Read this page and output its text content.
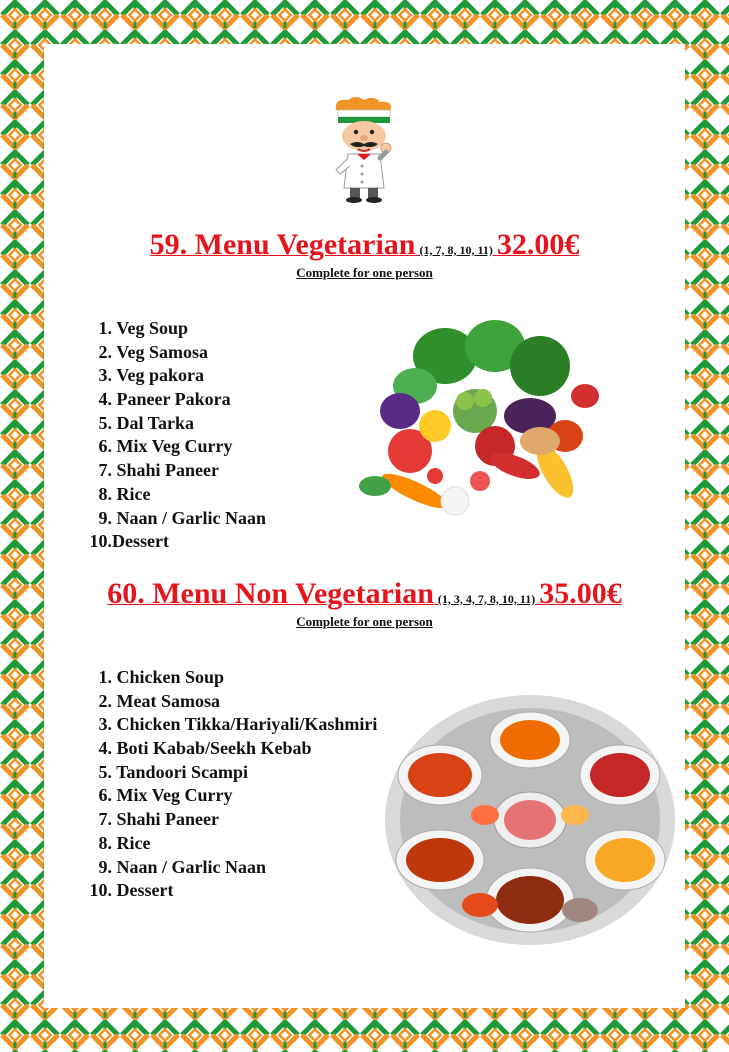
59. Menu Vegetarian (1, 7, 8, 10, 11) 32.00€
Complete for one person
1. Veg Soup
2. Veg Samosa
3. Veg pakora
4. Paneer Pakora
5. Dal Tarka
6. Mix Veg Curry
7. Shahi Paneer
8. Rice
9. Naan / Garlic Naan
10.Dessert
60. Menu Non Vegetarian (1, 3, 4, 7, 8, 10, 11) 35.00€
Complete for one person
1. Chicken Soup
2. Meat Samosa
3. Chicken Tikka/Hariyali/Kashmiri
4. Boti Kabab/Seekh Kebab
5. Tandoori Scampi
6. Mix Veg Curry
7. Shahi Paneer
8. Rice
9. Naan / Garlic Naan
10. Dessert
